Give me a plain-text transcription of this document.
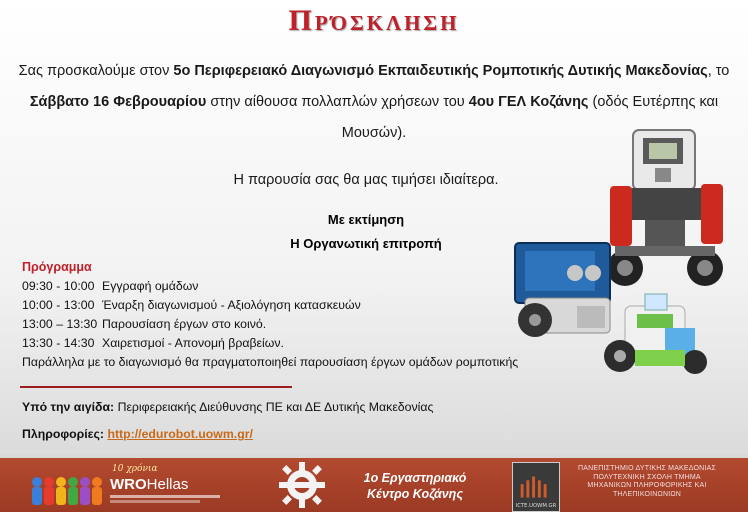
Πρόσκληση
Σας προσκαλούμε στον 5ο Περιφερειακό Διαγωνισμό Εκπαιδευτικής Ρομποτικής Δυτικής Μακεδονίας, το Σάββατο 16 Φεβρουαρίου στην αίθουσα πολλαπλών χρήσεων του 4ου ΓΕΛ Κοζάνης (οδός Ευτέρπης και Μουσών).
Η παρουσία σας θα μας τιμήσει ιδιαίτερα.
Με εκτίμηση
Η Οργανωτική επιτροπή
Πρόγραμμα
09:30 - 10:00 Εγγραφή ομάδων
10:00 - 13:00 Έναρξη διαγωνισμού - Αξιολόγηση κατασκευών
13:00 – 13:30 Παρουσίαση έργων στο κοινό.
13:30 - 14:30 Χαιρετισμοί - Απονομή βραβείων.
Παράλληλα με το διαγωνισμό θα πραγματοποιηθεί παρουσίαση έργων ομάδων ρομποτικής
Υπό την αιγίδα: Περιφερειακής Διεύθυνσης ΠΕ και ΔΕ Δυτικής Μακεδονίας
Πληροφορίες: http://edurobot.uowm.gr/
10 χρόνια
WROHellas	1ο Εργαστηριακό
Κέντρο Κοζάνης
ICTE.UOWM.GR
ΠΑΝΕΠΙΣΤΗΜΙΟ ΔΥΤΙΚΗΣ ΜΑΚΕΔΟΝΙΑΣ ΠΟΛΥΤΕΧΝΙΚΗ ΣΧΟΛΗ ΤΜΗΜΑ ΜΗΧΑΝΙΚΩΝ ΠΛΗΡΟΦΟΡΙΚΗΣ ΚΑΙ ΤΗΛΕΠΙΚΟΙΝΩΝΙΩΝ
